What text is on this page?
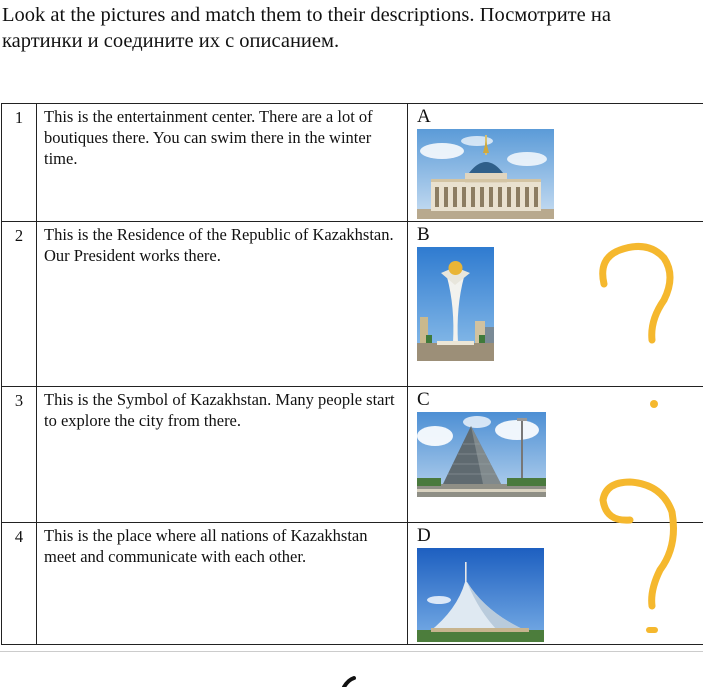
Look at the pictures and match them to their descriptions. Посмотрите на
картинки и соедините их с описанием.
1	This is the entertainment center. There are a lot of boutiques there. You can swim there in the winter time.	A

2	This is the Residence of the Republic of Kazakhstan. Our President works there.	B

3	This is the Symbol of Kazakhstan. Many people start to explore the city from there.	C

4	This is the place where all nations of Kazakhstan meet and communicate with each other.	D
